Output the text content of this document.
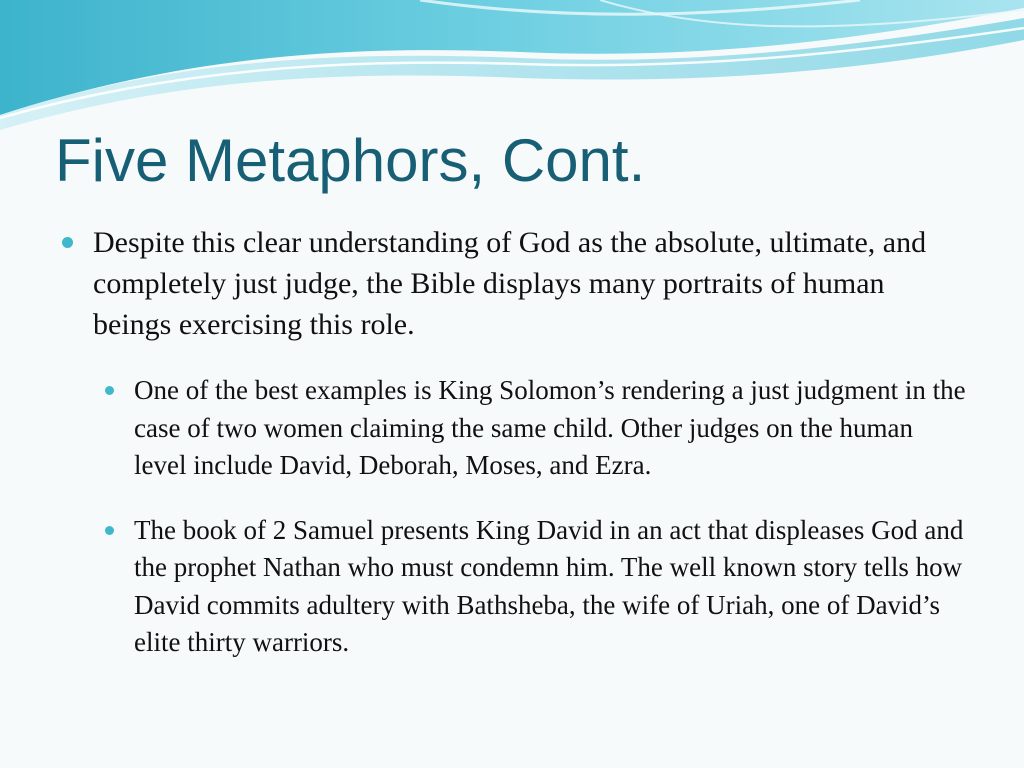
Five Metaphors, Cont.

Despite this clear understanding of God as the absolute, ultimate, and completely just judge, the Bible displays many portraits of human beings exercising this role.

One of the best examples is King Solomon’s rendering a just judgment in the case of two women claiming the same child. Other judges on the human level include David, Deborah, Moses, and Ezra.

The book of 2 Samuel presents King David in an act that displeases God and the prophet Nathan who must condemn him. The well known story tells how David commits adultery with Bathsheba, the wife of Uriah, one of David’s elite thirty warriors.
